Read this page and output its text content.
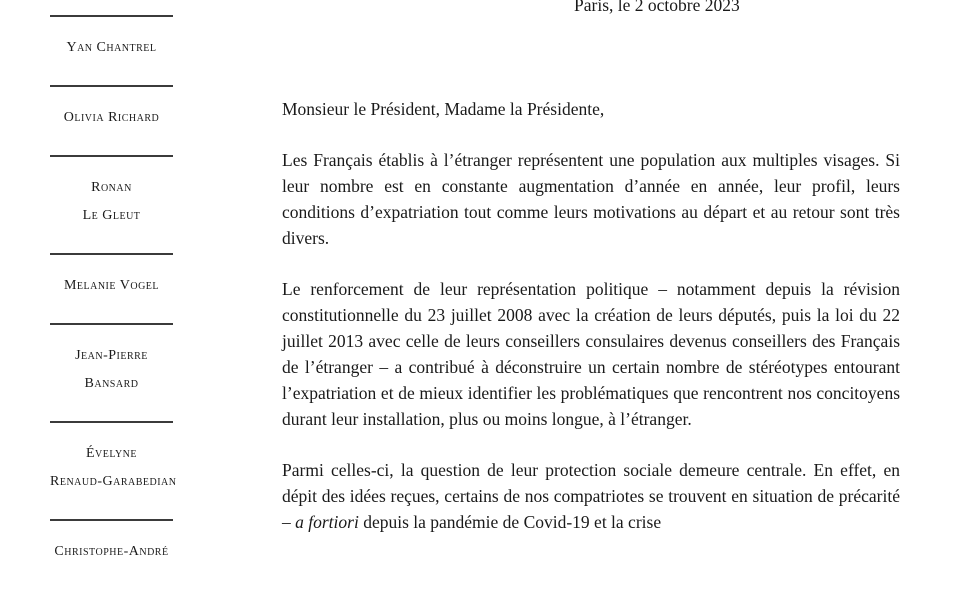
Yan Chantrel
Olivia Richard
Ronan
Le Gleut
Melanie Vogel
Jean-Pierre
Bansard
Évelyne
Renaud-Garabedian
Christophe-André
Paris, le 2 octobre 2023
Monsieur le Président, Madame la Présidente,

Les Français établis à l’étranger représentent une population aux multiples visages. Si leur nombre est en constante augmentation d’année en année, leur profil, leurs conditions d’expatriation tout comme leurs motivations au départ et au retour sont très divers.

Le renforcement de leur représentation politique – notamment depuis la révision constitutionnelle du 23 juillet 2008 avec la création de leurs députés, puis la loi du 22 juillet 2013 avec celle de leurs conseillers consulaires devenus conseillers des Français de l’étranger – a contribué à déconstruire un certain nombre de stéréotypes entourant l’expatriation et de mieux identifier les problématiques que rencontrent nos concitoyens durant leur installation, plus ou moins longue, à l’étranger.

Parmi celles-ci, la question de leur protection sociale demeure centrale. En effet, en dépit des idées reçues, certains de nos compatriotes se trouvent en situation de précarité – a fortiori depuis la pandémie de Covid-19 et la crise
